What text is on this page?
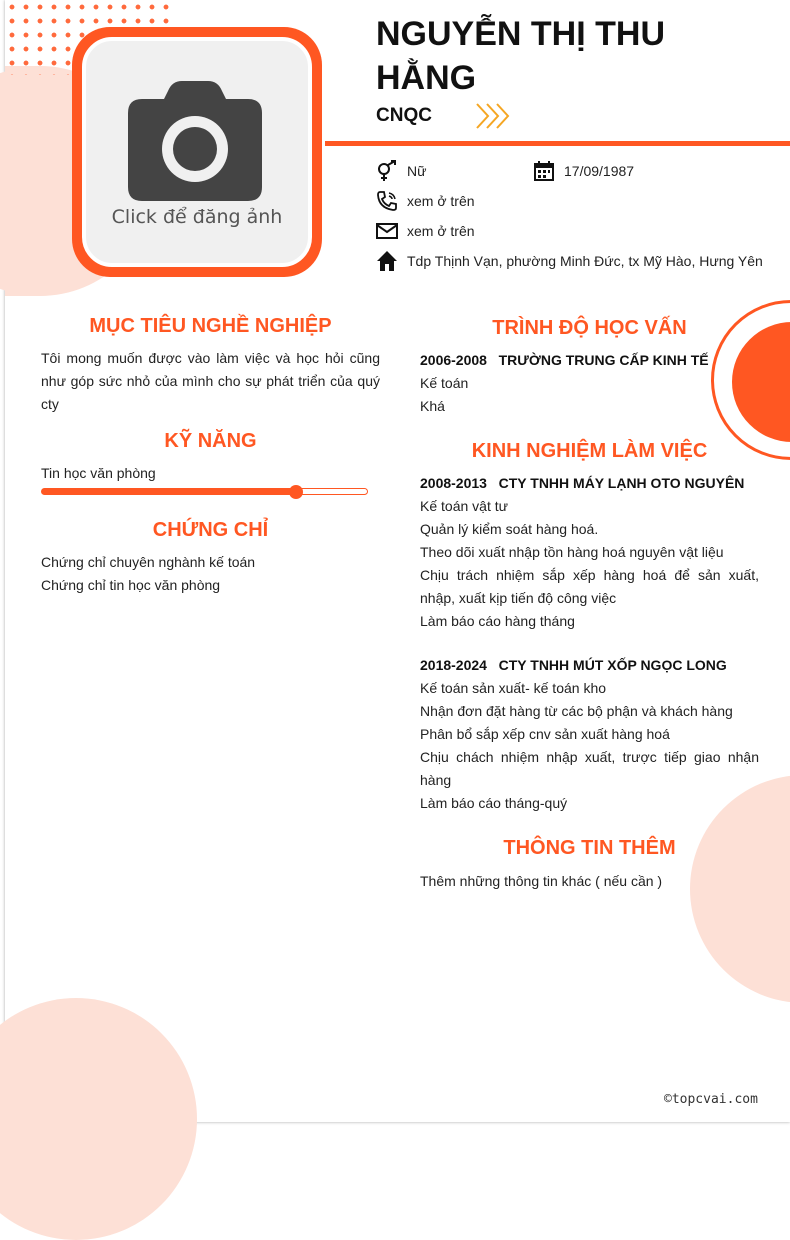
Click để đăng ảnh
NGUYỄN THỊ THU HẰNG
CNQC
Nữ	17/09/1987
xem ở trên
xem ở trên
Tdp Thịnh Vạn, phường Minh Đức, tx Mỹ Hào, Hưng Yên
MỤC TIÊU NGHỀ NGHIỆP
Tôi mong muốn được vào làm việc và học hỏi cũng như góp sức nhỏ của mình cho sự phát triển của quý cty
KỸ NĂNG
Tin học văn phòng
CHỨNG CHỈ
Chứng chỉ chuyên nghành kế toán
Chứng chỉ tin học văn phòng
TRÌNH ĐỘ HỌC VẤN
2006-2008 TRƯỜNG TRUNG CẤP KINH TẾ
Kế toán
Khá
KINH NGHIỆM LÀM VIỆC
2008-2013 CTY TNHH MÁY LẠNH OTO NGUYÊN
Kế toán vật tư
Quản lý kiểm soát hàng hoá.
Theo dõi xuất nhập tồn hàng hoá nguyên vật liệu
Chịu trách nhiệm sắp xếp hàng hoá để sản xuất, nhập, xuất kịp tiến độ công việc
Làm báo cáo hàng tháng
2018-2024 CTY TNHH MÚT XỐP NGỌC LONG
Kế toán sản xuất- kế toán kho
Nhận đơn đặt hàng từ các bộ phận và khách hàng
Phân bổ sắp xếp cnv sản xuất hàng hoá
Chịu chách nhiệm nhập xuất, trược tiếp giao nhận hàng
Làm báo cáo tháng-quý
THÔNG TIN THÊM
Thêm những thông tin khác ( nếu cần )
©topcvai.com
